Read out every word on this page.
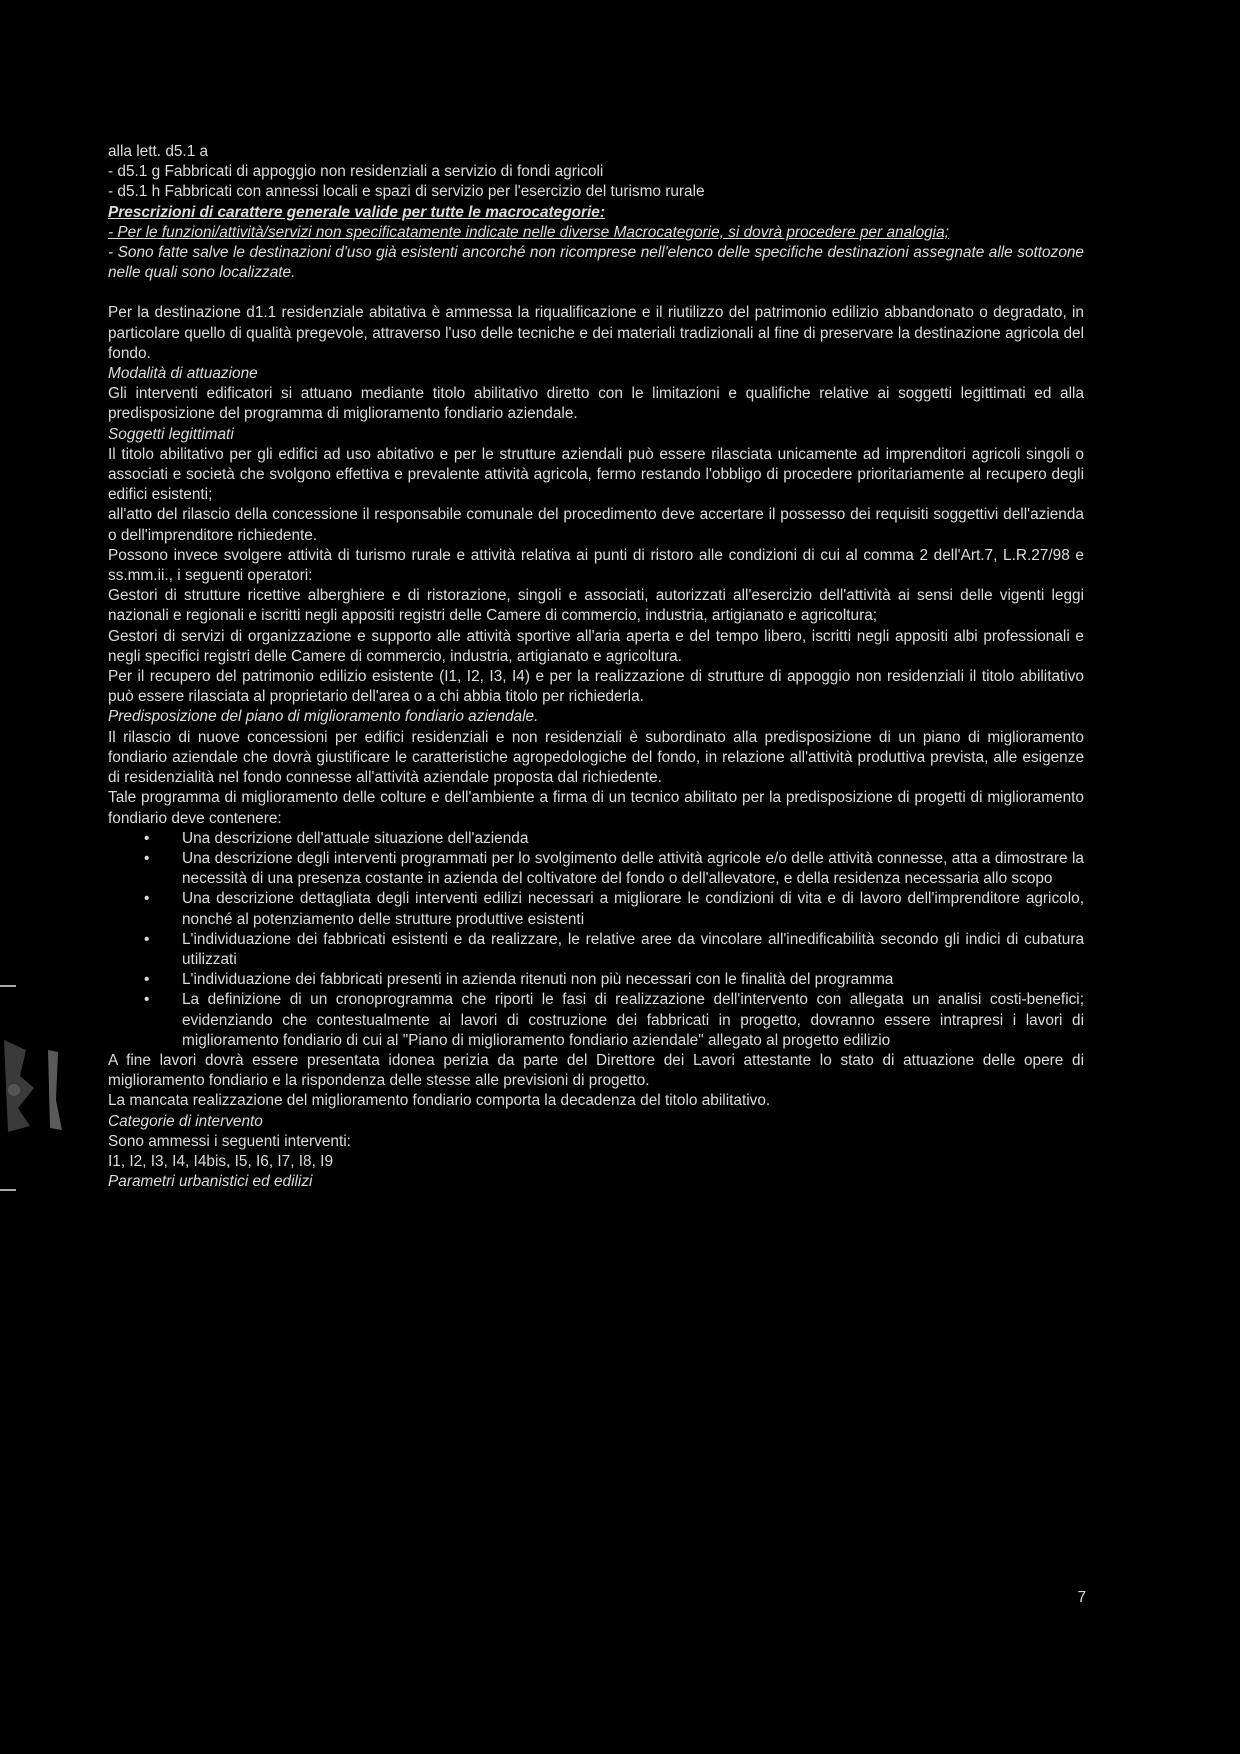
alla lett. d5.1 a

- d5.1 g Fabbricati di appoggio non residenziali a servizio di fondi agricoli

- d5.1 h Fabbricati con annessi locali e spazi di servizio per l'esercizio del turismo rurale

Prescrizioni di carattere generale valide per tutte le macrocategorie:

- Per le funzioni/attività/servizi non specificatamente indicate nelle diverse Macrocategorie, si dovrà procedere per analogia;

- Sono fatte salve le destinazioni d'uso già esistenti ancorché non ricomprese nell'elenco delle specifiche destinazioni assegnate alle sottozone nelle quali sono localizzate.

Per la destinazione d1.1 residenziale abitativa è ammessa la riqualificazione e il riutilizzo del patrimonio edilizio abbandonato o degradato, in particolare quello di qualità pregevole, attraverso l'uso delle tecniche e dei materiali tradizionali al fine di preservare la destinazione agricola del fondo.

Modalità di attuazione

Gli interventi edificatori si attuano mediante titolo abilitativo diretto con le limitazioni e qualifiche relative ai soggetti legittimati ed alla predisposizione del programma di miglioramento fondiario aziendale.

Soggetti legittimati

Il titolo abilitativo per gli edifici ad uso abitativo e per le strutture aziendali può essere rilasciata unicamente ad imprenditori agricoli singoli o associati e società che svolgono effettiva e prevalente attività agricola, fermo restando l'obbligo di procedere prioritariamente al recupero degli edifici esistenti;

all'atto del rilascio della concessione il responsabile comunale del procedimento deve accertare il possesso dei requisiti soggettivi dell'azienda o dell'imprenditore richiedente.

Possono invece svolgere attività di turismo rurale e attività relativa ai punti di ristoro alle condizioni di cui al comma 2 dell'Art.7, L.R.27/98 e ss.mm.ii., i seguenti operatori:

Gestori di strutture ricettive alberghiere e di ristorazione, singoli e associati, autorizzati all'esercizio dell'attività ai sensi delle vigenti leggi nazionali e regionali e iscritti negli appositi registri delle Camere di commercio, industria, artigianato e agricoltura;

Gestori di servizi di organizzazione e supporto alle attività sportive all'aria aperta e del tempo libero, iscritti negli appositi albi professionali e negli specifici registri delle Camere di commercio, industria, artigianato e agricoltura.

Per il recupero del patrimonio edilizio esistente (I1, I2, I3, I4) e per la realizzazione di strutture di appoggio non residenziali il titolo abilitativo può essere rilasciata al proprietario dell'area o a chi abbia titolo per richiederla.

Predisposizione del piano di miglioramento fondiario aziendale.

Il rilascio di nuove concessioni per edifici residenziali e non residenziali è subordinato alla predisposizione di un piano di miglioramento fondiario aziendale che dovrà giustificare le caratteristiche agropedologiche del fondo, in relazione all'attività produttiva prevista, alle esigenze di residenzialità nel fondo connesse all'attività aziendale proposta dal richiedente.

Tale programma di miglioramento delle colture e dell'ambiente a firma di un tecnico abilitato per la predisposizione di progetti di miglioramento fondiario deve contenere:

• Una descrizione dell'attuale situazione dell'azienda
• Una descrizione degli interventi programmati per lo svolgimento delle attività agricole e/o delle attività connesse, atta a dimostrare la necessità di una presenza costante in azienda del coltivatore del fondo o dell'allevatore, e della residenza necessaria allo scopo
• Una descrizione dettagliata degli interventi edilizi necessari a migliorare le condizioni di vita e di lavoro dell'imprenditore agricolo, nonché al potenziamento delle strutture produttive esistenti
• L'individuazione dei fabbricati esistenti e da realizzare, le relative aree da vincolare all'inedificabilità secondo gli indici di cubatura utilizzati
• L'individuazione dei fabbricati presenti in azienda ritenuti non più necessari con le finalità del programma
• La definizione di un cronoprogramma che riporti le fasi di realizzazione dell'intervento con allegata un analisi costi-benefici; evidenziando che contestualmente ai lavori di costruzione dei fabbricati in progetto, dovranno essere intrapresi i lavori di miglioramento fondiario di cui al "Piano di miglioramento fondiario aziendale" allegato al progetto edilizio

A fine lavori dovrà essere presentata idonea perizia da parte del Direttore dei Lavori attestante lo stato di attuazione delle opere di miglioramento fondiario e la rispondenza delle stesse alle previsioni di progetto.

La mancata realizzazione del miglioramento fondiario comporta la decadenza del titolo abilitativo.

Categorie di intervento

Sono ammessi i seguenti interventi:

I1, I2, I3, I4, I4bis, I5, I6, I7, I8, I9

Parametri urbanistici ed edilizi

7
